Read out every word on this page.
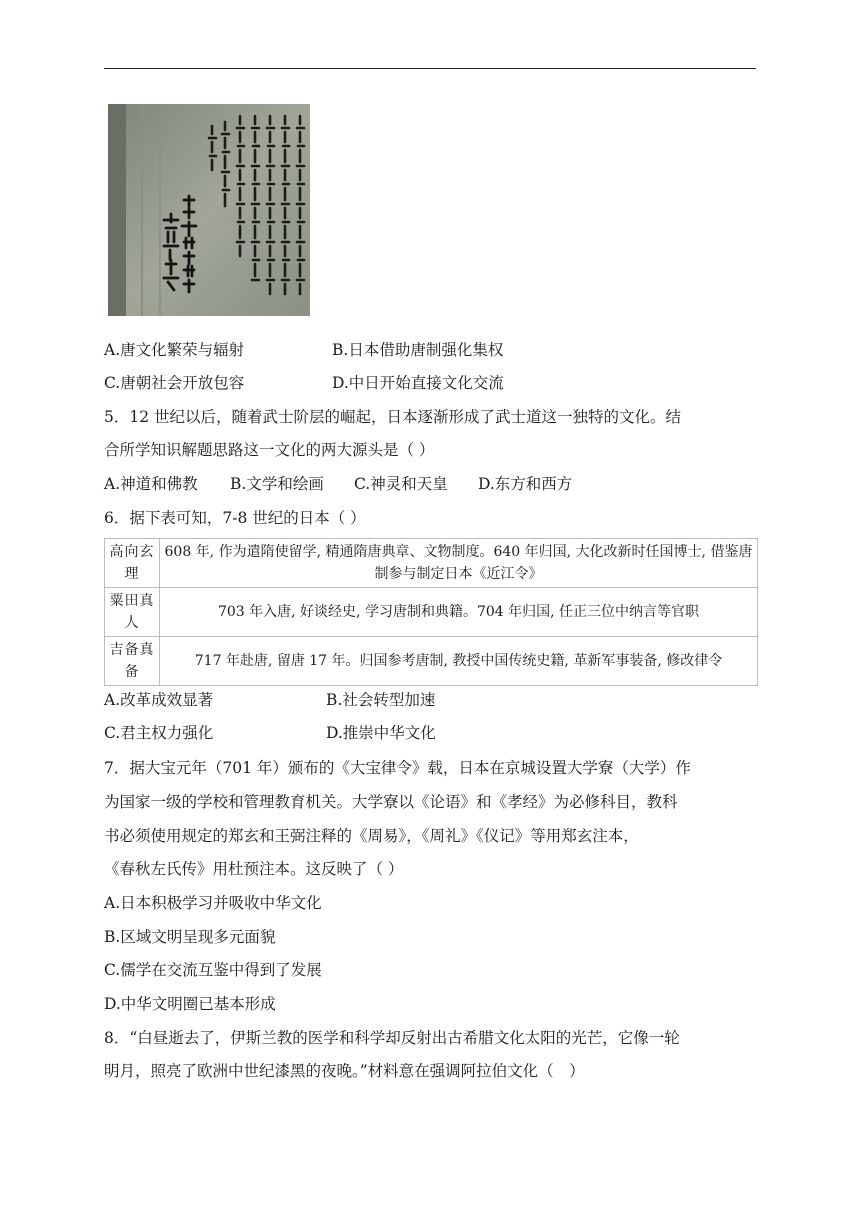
A.唐文化繁荣与辐射	B.日本借助唐制强化集权
C.唐朝社会开放包容	D.中日开始直接文化交流
5．12 世纪以后，随着武士阶层的崛起，日本逐渐形成了武士道这一独特的文化。结
合所学知识解题思路这一文化的两大源头是（ ）
A.神道和佛教 B.文学和绘画 C.神灵和天皇 D.东方和西方
6．据下表可知，7-8 世纪的日本（ ）
高向玄理	608 年, 作为遣隋使留学, 精通隋唐典章、文物制度。640 年归国, 大化改新时任国博士, 借鉴唐制参与制定日本《近江令》
粟田真人	703 年入唐, 好谈经史, 学习唐制和典籍。704 年归国, 任正三位中纳言等官职
吉备真备	717 年赴唐, 留唐 17 年。归国参考唐制, 教授中国传统史籍, 革新军事装备, 修改律令
A.改革成效显著	B.社会转型加速
C.君主权力强化	D.推崇中华文化
7．据大宝元年（701 年）颁布的《大宝律令》载，日本在京城设置大学寮（大学）作
为国家一级的学校和管理教育机关。大学寮以《论语》和《孝经》为必修科目，教科
书必须使用规定的郑玄和王弼注释的《周易》，《周礼》《仪记》等用郑玄注本，
《春秋左氏传》用杜预注本。这反映了（ ）
A.日本积极学习并吸收中华文化
B.区域文明呈现多元面貌
C.儒学在交流互鉴中得到了发展
D.中华文明圈已基本形成
8．“白昼逝去了，伊斯兰教的医学和科学却反射出古希腊文化太阳的光芒，它像一轮
明月，照亮了欧洲中世纪漆黑的夜晚。”材料意在强调阿拉伯文化（　）
